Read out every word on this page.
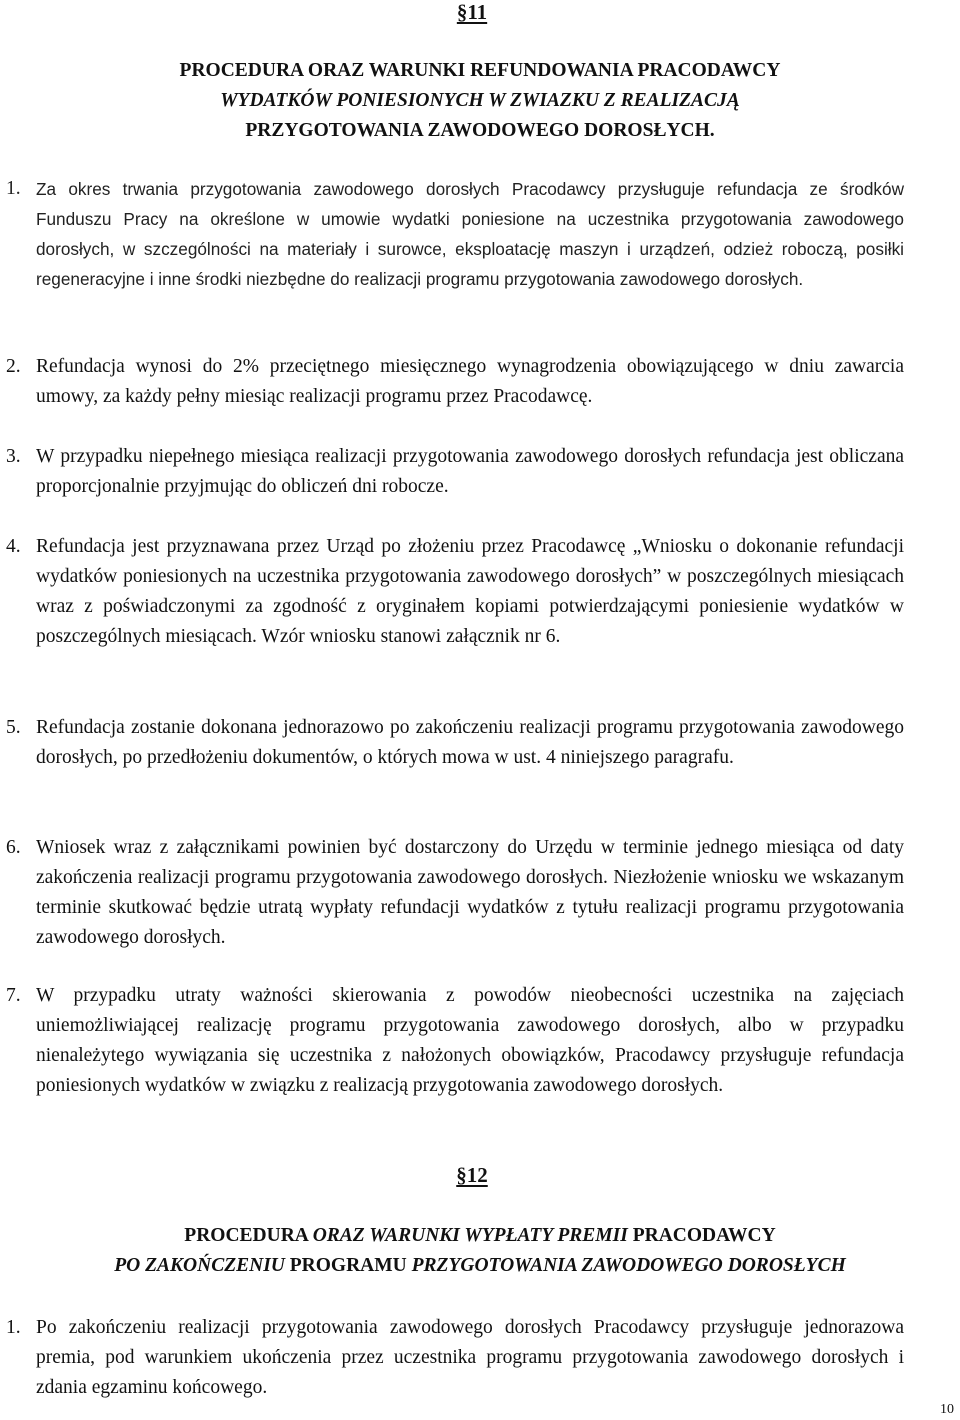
§11
PROCEDURA ORAZ WARUNKI REFUNDOWANIA PRACODAWCY
WYDATKÓW PONIESIONYCH W ZWIAZKU Z REALIZACJĄ
PRZYGOTOWANIA ZAWODOWEGO DOROSŁYCH.
1. Za okres trwania przygotowania zawodowego dorosłych Pracodawcy przysługuje refundacja ze środków Funduszu Pracy na określone w umowie wydatki poniesione na uczestnika przygotowania zawodowego dorosłych, w szczególności na materiały i surowce, eksploatację maszyn i urządzeń, odzież roboczą, posiłki regeneracyjne i inne środki niezbędne do realizacji programu przygotowania zawodowego dorosłych.
2. Refundacja wynosi do 2% przeciętnego miesięcznego wynagrodzenia obowiązującego w dniu zawarcia umowy, za każdy pełny miesiąc realizacji programu przez Pracodawcę.
3. W przypadku niepełnego miesiąca realizacji przygotowania zawodowego dorosłych refundacja jest obliczana proporcjonalnie przyjmując do obliczeń dni robocze.
4. Refundacja jest przyznawana przez Urząd po złożeniu przez Pracodawcę „Wniosku o dokonanie refundacji wydatków poniesionych na uczestnika przygotowania zawodowego dorosłych” w poszczególnych miesiącach wraz z poświadczonymi za zgodność z oryginałem kopiami potwierdzającymi poniesienie wydatków w poszczególnych miesiącach. Wzór wniosku stanowi załącznik nr 6.
5. Refundacja zostanie dokonana jednorazowo po zakończeniu realizacji programu przygotowania zawodowego dorosłych, po przedłożeniu dokumentów, o których mowa w ust. 4 niniejszego paragrafu.
6. Wniosek wraz z załącznikami powinien być dostarczony do Urzędu w terminie jednego miesiąca od daty zakończenia realizacji programu przygotowania zawodowego dorosłych. Niezłożenie wniosku we wskazanym terminie skutkować będzie utratą wypłaty refundacji wydatków z tytułu realizacji programu przygotowania zawodowego dorosłych.
7. W przypadku utraty ważności skierowania z powodów nieobecności uczestnika na zajęciach uniemożliwiającej realizację programu przygotowania zawodowego dorosłych, albo w przypadku nienależytego wywiązania się uczestnika z nałożonych obowiązków, Pracodawcy przysługuje refundacja poniesionych wydatków w związku z realizacją przygotowania zawodowego dorosłych.
§12
PROCEDURA ORAZ WARUNKI WYPŁATY PREMII PRACODAWCY
PO ZAKOŃCZENIU PROGRAMU PRZYGOTOWANIA ZAWODOWEGO DOROSŁYCH
1. Po zakończeniu realizacji przygotowania zawodowego dorosłych Pracodawcy przysługuje jednorazowa premia, pod warunkiem ukończenia przez uczestnika programu przygotowania zawodowego dorosłych i zdania egzaminu końcowego.
10
